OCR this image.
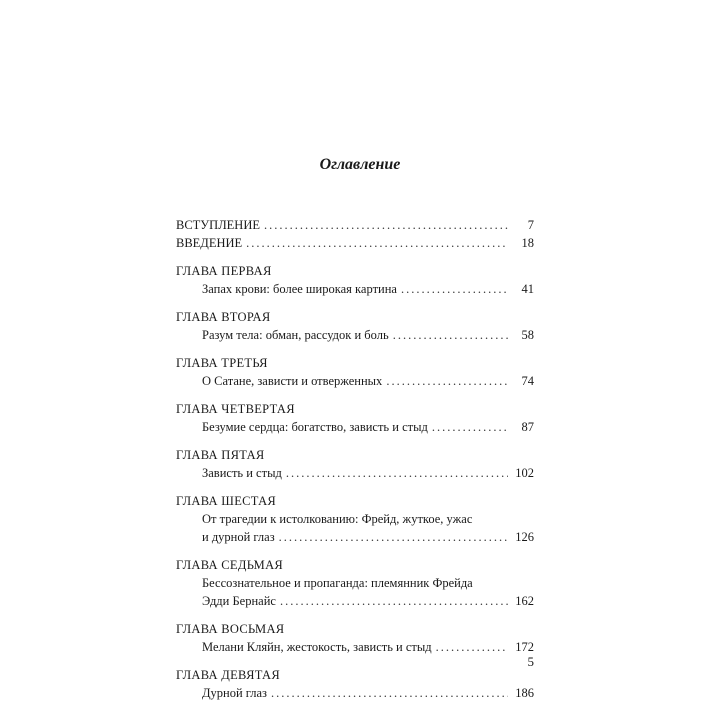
Оглавление
ВСТУПЛЕНИЕ .....	7
ВВЕДЕНИЕ .....	18
ГЛАВА ПЕРВАЯ
Запах крови: более широкая картина .....	41
ГЛАВА ВТОРАЯ
Разум тела: обман, рассудок и боль .....	58
ГЛАВА ТРЕТЬЯ
О Сатане, зависти и отверженных .....	74
ГЛАВА ЧЕТВЕРТАЯ
Безумие сердца: богатство, зависть и стыд .....	87
ГЛАВА ПЯТАЯ
Зависть и стыд .....	102
ГЛАВА ШЕСТАЯ
От трагедии к истолкованию: Фрейд, жуткое, ужас
и дурной глаз .....	126
ГЛАВА СЕДЬМАЯ
Бессознательное и пропаганда: племянник Фрейда
Эдди Бернайс .....	162
ГЛАВА ВОСЬМАЯ
Мелани Кляйн, жестокость, зависть и стыд .....	172
ГЛАВА ДЕВЯТАЯ
Дурной глаз .....	186
5
